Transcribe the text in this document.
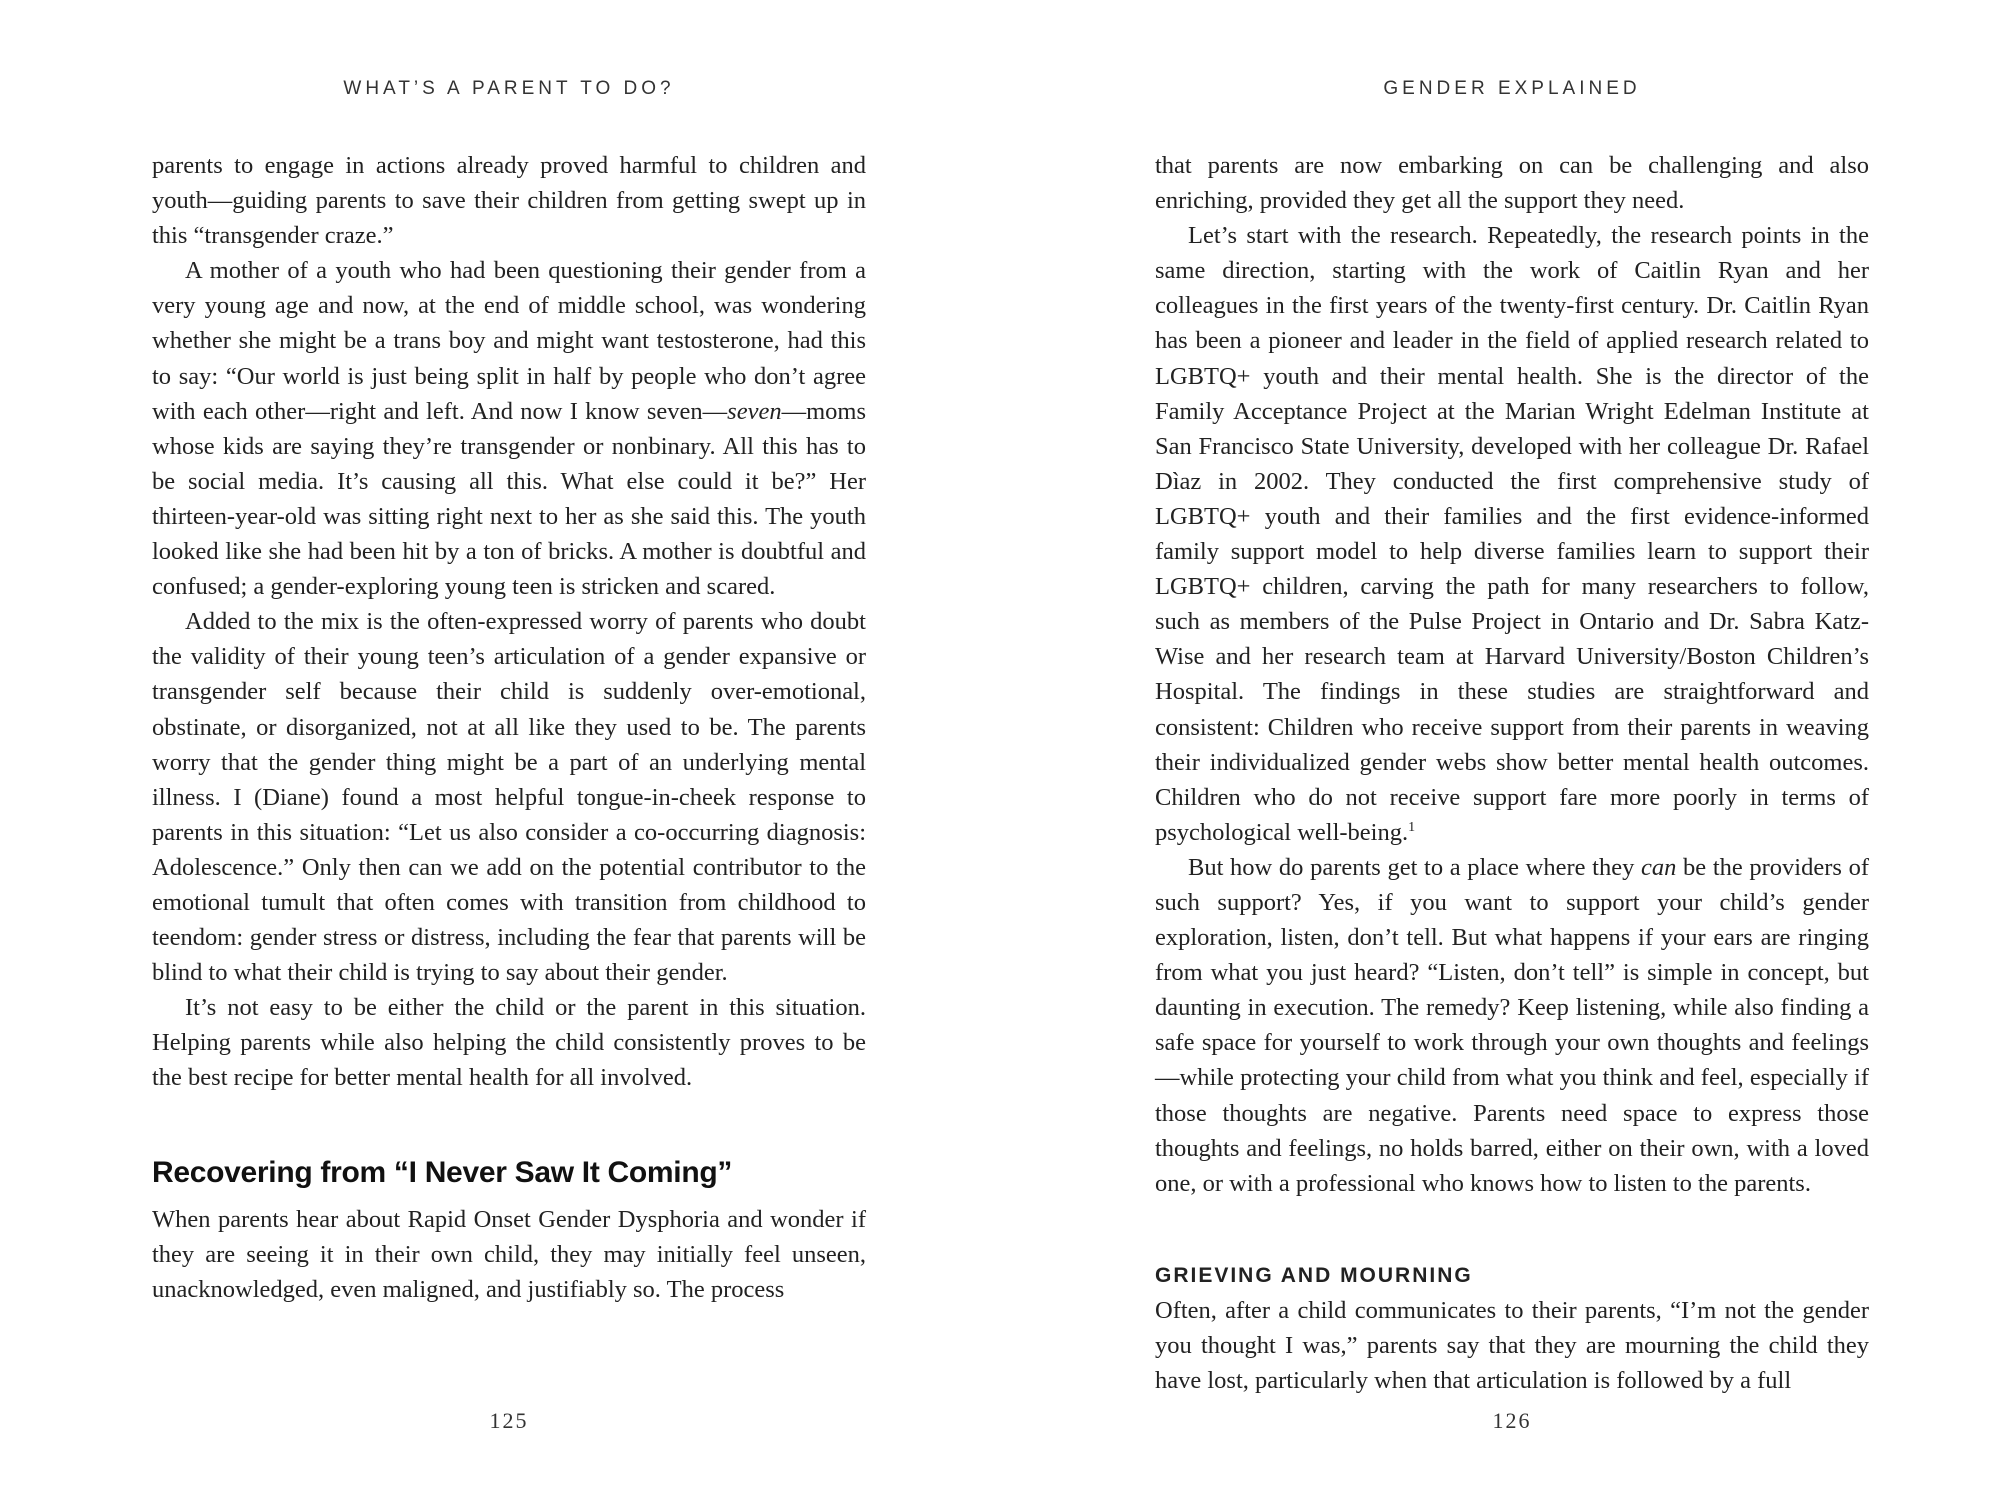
WHAT’S A PARENT TO DO?

parents to engage in actions already proved harmful to children and youth—guiding parents to save their children from getting swept up in this “transgender craze.”

A mother of a youth who had been questioning their gender from a very young age and now, at the end of middle school, was wondering whether she might be a trans boy and might want testosterone, had this to say: “Our world is just being split in half by people who don’t agree with each other—right and left. And now I know seven—seven—moms whose kids are saying they’re transgender or nonbinary. All this has to be social media. It’s causing all this. What else could it be?” Her thirteen-year-old was sitting right next to her as she said this. The youth looked like she had been hit by a ton of bricks. A mother is doubtful and confused; a gender-exploring young teen is stricken and scared.

Added to the mix is the often-expressed worry of parents who doubt the validity of their young teen’s articulation of a gender expansive or transgender self because their child is suddenly over-emotional, obstinate, or disorganized, not at all like they used to be. The parents worry that the gender thing might be a part of an underlying mental illness. I (Diane) found a most helpful tongue-in-cheek response to parents in this situation: “Let us also consider a co-occurring diagnosis: Adolescence.” Only then can we add on the potential contributor to the emotional tumult that often comes with transition from childhood to teendom: gender stress or distress, including the fear that parents will be blind to what their child is trying to say about their gender.

It’s not easy to be either the child or the parent in this situation. Helping parents while also helping the child consistently proves to be the best recipe for better mental health for all involved.

Recovering from “I Never Saw It Coming”

When parents hear about Rapid Onset Gender Dysphoria and wonder if they are seeing it in their own child, they may initially feel unseen, unacknowledged, even maligned, and justifiably so. The process

125
GENDER EXPLAINED

that parents are now embarking on can be challenging and also enriching, provided they get all the support they need.

Let’s start with the research. Repeatedly, the research points in the same direction, starting with the work of Caitlin Ryan and her colleagues in the first years of the twenty-first century. Dr. Caitlin Ryan has been a pioneer and leader in the field of applied research related to LGBTQ+ youth and their mental health. She is the director of the Family Acceptance Project at the Marian Wright Edelman Institute at San Francisco State University, developed with her colleague Dr. Rafael Dìaz in 2002. They conducted the first comprehensive study of LGBTQ+ youth and their families and the first evidence-informed family support model to help diverse families learn to support their LGBTQ+ children, carving the path for many researchers to follow, such as members of the Pulse Project in Ontario and Dr. Sabra Katz-Wise and her research team at Harvard University/Boston Children’s Hospital. The findings in these studies are straightforward and consistent: Children who receive support from their parents in weaving their individualized gender webs show better mental health outcomes. Children who do not receive support fare more poorly in terms of psychological well-being.$^1$

But how do parents get to a place where they can be the providers of such support? Yes, if you want to support your child’s gender exploration, listen, don’t tell. But what happens if your ears are ringing from what you just heard? “Listen, don’t tell” is simple in concept, but daunting in execution. The remedy? Keep listening, while also finding a safe space for yourself to work through your own thoughts and feelings—while protecting your child from what you think and feel, especially if those thoughts are negative. Parents need space to express those thoughts and feelings, no holds barred, either on their own, with a loved one, or with a professional who knows how to listen to the parents.

GRIEVING AND MOURNING

Often, after a child communicates to their parents, “I’m not the gender you thought I was,” parents say that they are mourning the child they have lost, particularly when that articulation is followed by a full

126
